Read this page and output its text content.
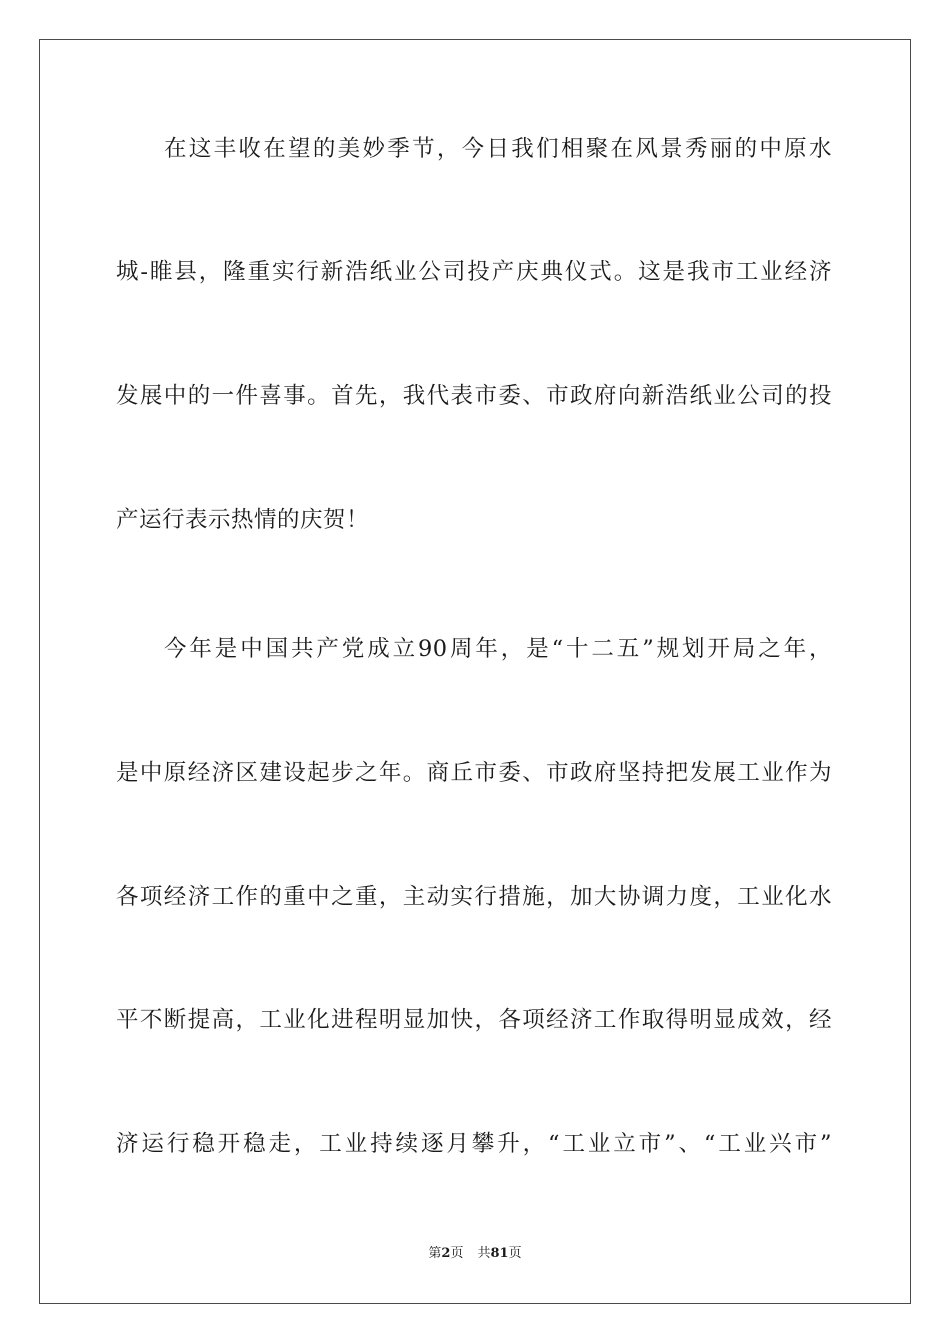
在这丰收在望的美妙季节，今日我们相聚在风景秀丽的中原水
城-睢县，隆重实行新浩纸业公司投产庆典仪式。这是我市工业经济
发展中的一件喜事。首先，我代表市委、市政府向新浩纸业公司的投
产运行表示热情的庆贺！
今年是中国共产党成立90周年，是“十二五”规划开局之年，
是中原经济区建设起步之年。商丘市委、市政府坚持把发展工业作为
各项经济工作的重中之重，主动实行措施，加大协调力度，工业化水
平不断提高，工业化进程明显加快，各项经济工作取得明显成效，经
济运行稳开稳走，工业持续逐月攀升，“工业立市”、“工业兴市”
第2页 共81页
